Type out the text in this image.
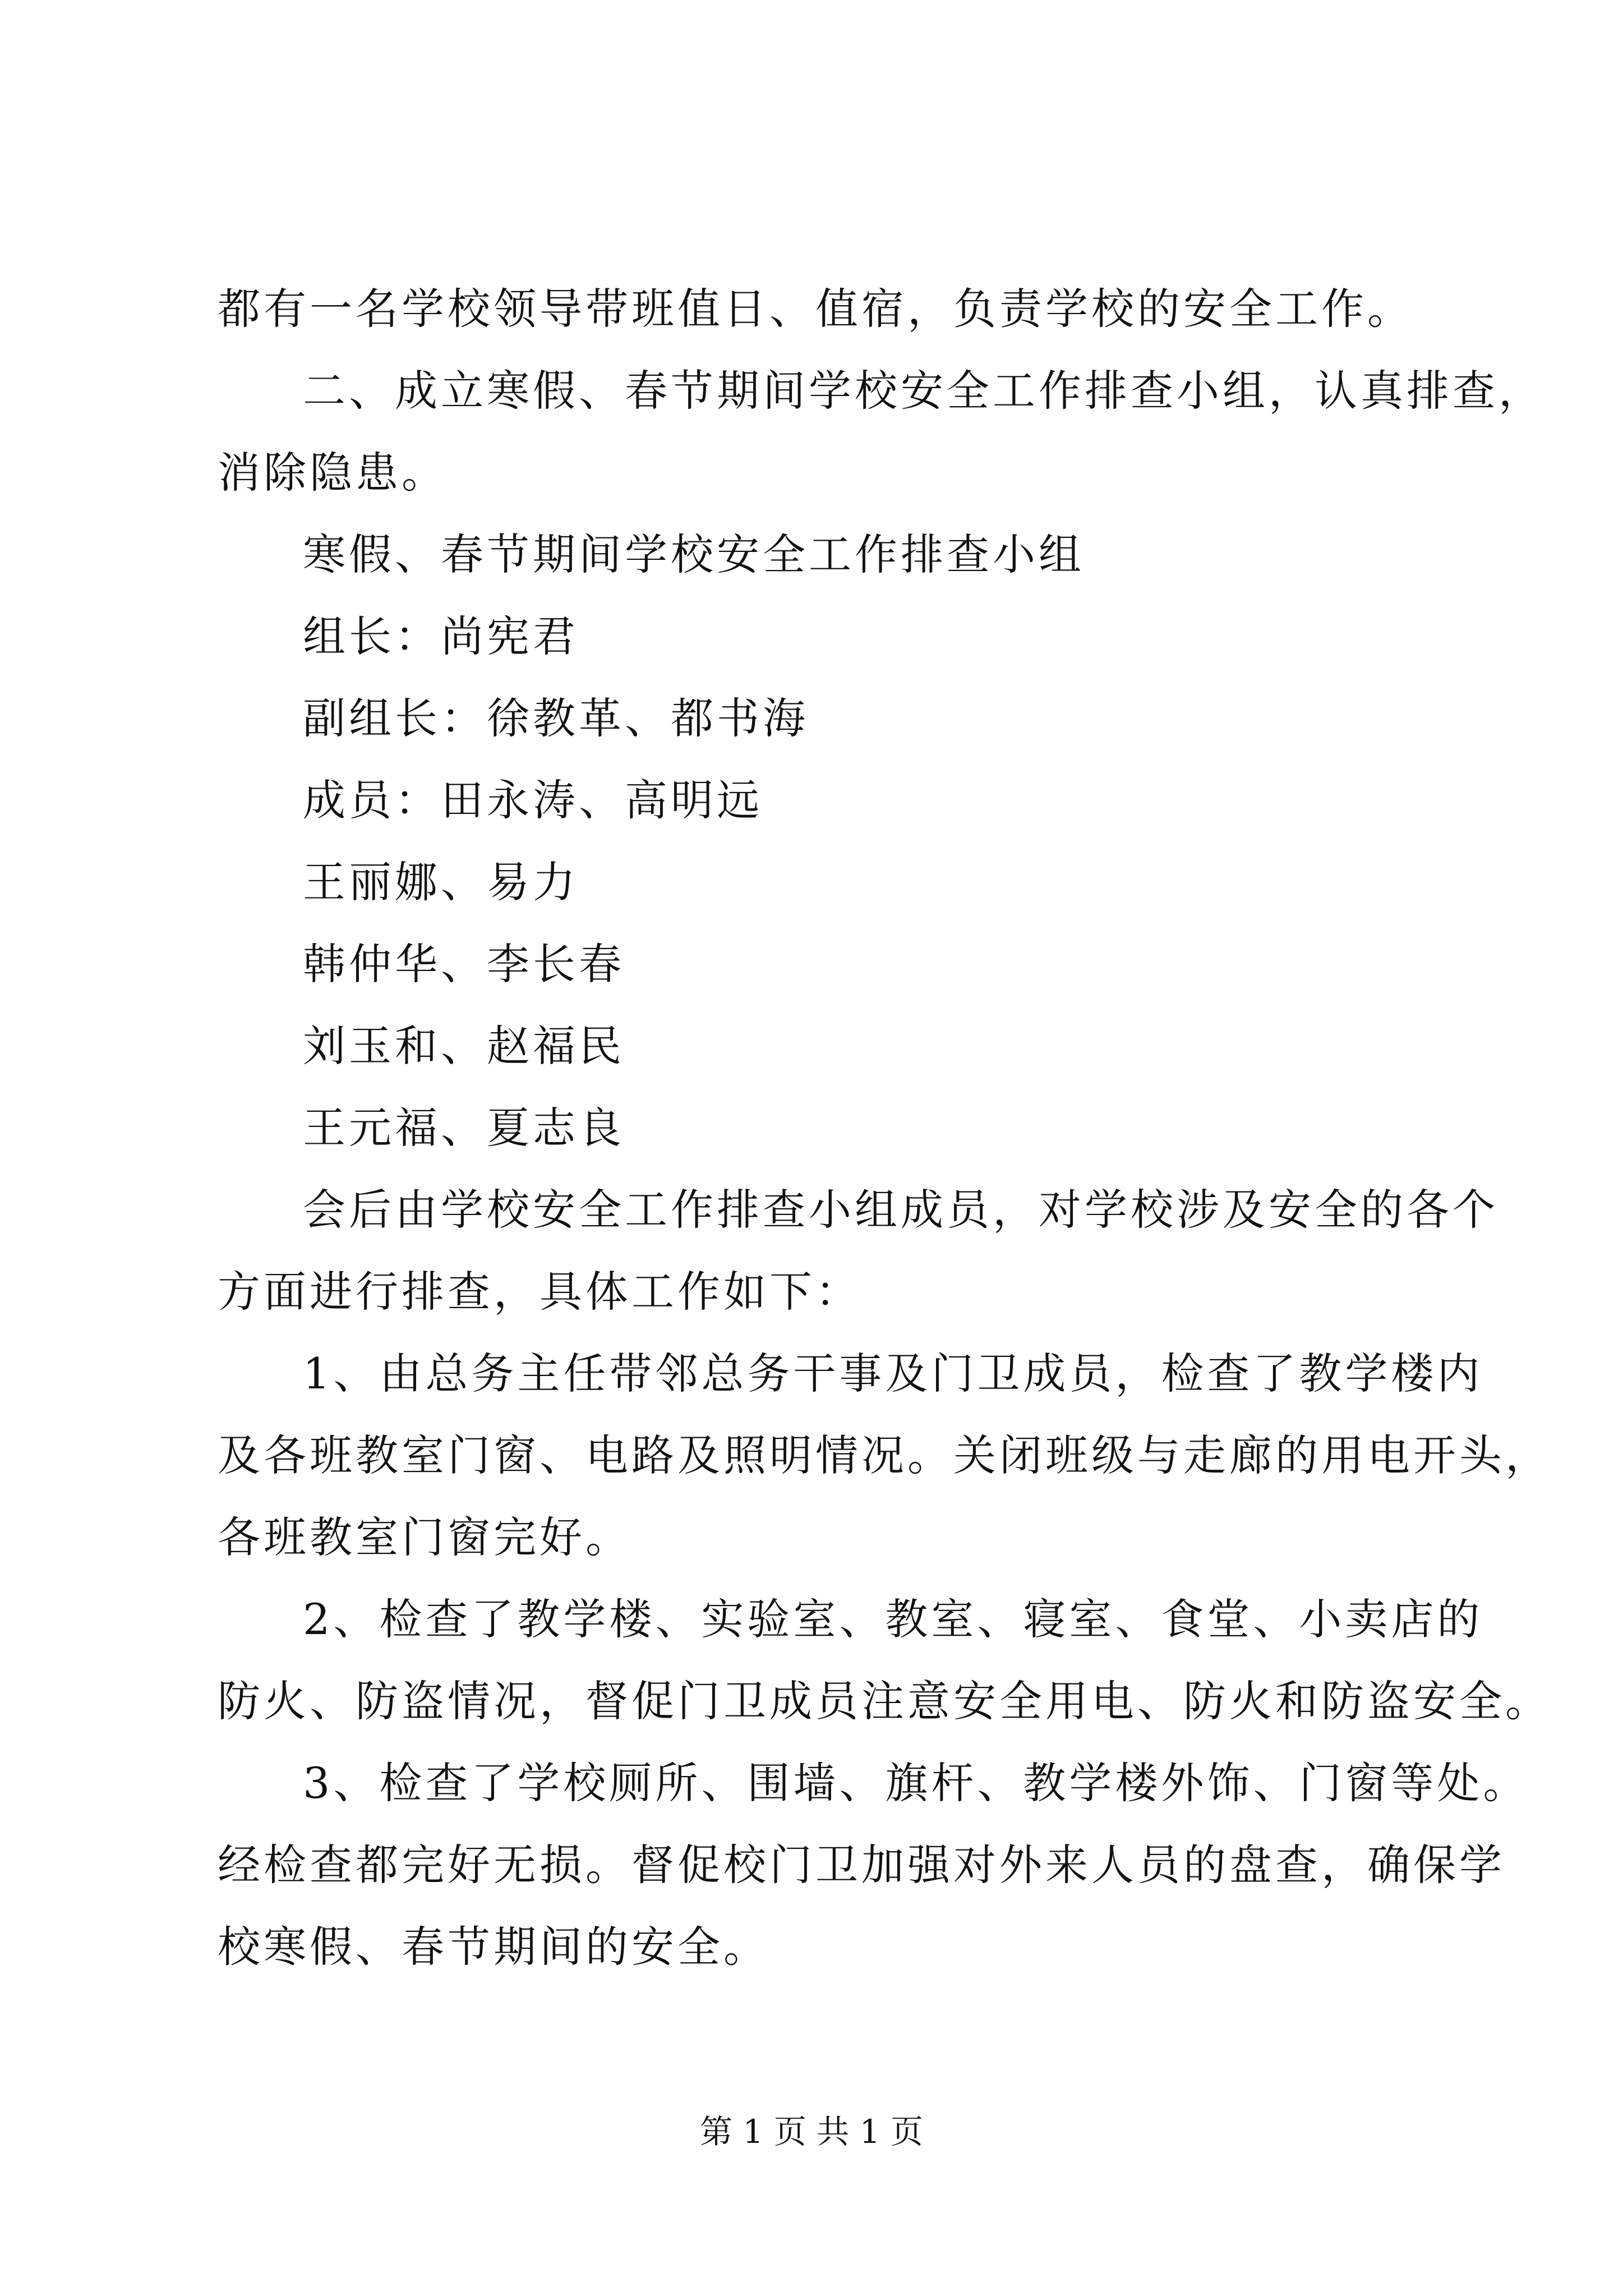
都有一名学校领导带班值日、值宿，负责学校的安全工作。
二、成立寒假、春节期间学校安全工作排查小组，认真排查，
消除隐患。
寒假、春节期间学校安全工作排查小组
组长：尚宪君
副组长：徐教革、都书海
成员：田永涛、高明远
王丽娜、易力
韩仲华、李长春
刘玉和、赵福民
王元福、夏志良
会后由学校安全工作排查小组成员，对学校涉及安全的各个
方面进行排查，具体工作如下：
1、由总务主任带邻总务干事及门卫成员，检查了教学楼内
及各班教室门窗、电路及照明情况。关闭班级与走廊的用电开头，
各班教室门窗完好。
2、检查了教学楼、实验室、教室、寝室、食堂、小卖店的
防火、防盗情况，督促门卫成员注意安全用电、防火和防盗安全。
3、检查了学校厕所、围墙、旗杆、教学楼外饰、门窗等处。
经检查都完好无损。督促校门卫加强对外来人员的盘查，确保学
校寒假、春节期间的安全。
第 1 页 共 1 页
